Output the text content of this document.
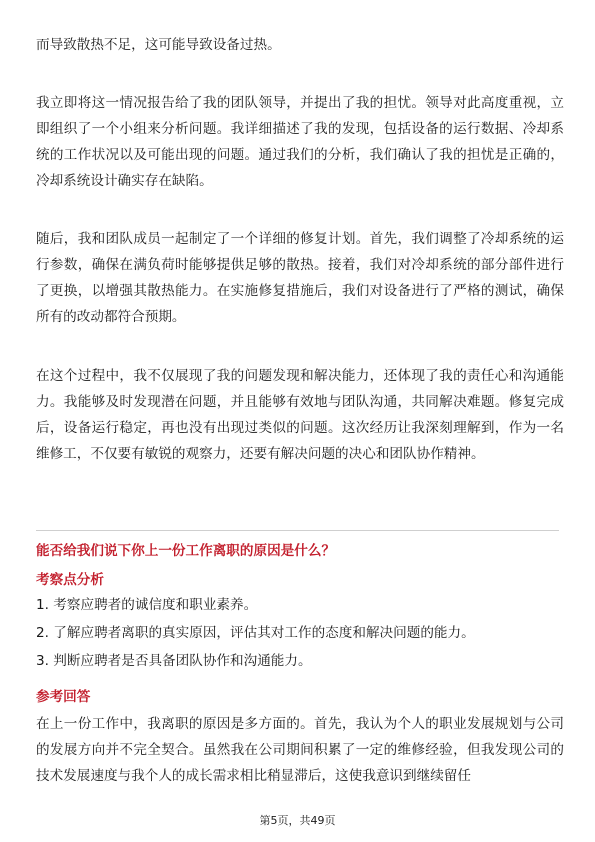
而导致散热不足，这可能导致设备过热。

我立即将这一情况报告给了我的团队领导，并提出了我的担忧。领导对此高度重视，立即组织了一个小组来分析问题。我详细描述了我的发现，包括设备的运行数据、冷却系统的工作状况以及可能出现的问题。通过我们的分析，我们确认了我的担忧是正确的，冷却系统设计确实存在缺陷。

随后，我和团队成员一起制定了一个详细的修复计划。首先，我们调整了冷却系统的运行参数，确保在满负荷时能够提供足够的散热。接着，我们对冷却系统的部分部件进行了更换，以增强其散热能力。在实施修复措施后，我们对设备进行了严格的测试，确保所有的改动都符合预期。

在这个过程中，我不仅展现了我的问题发现和解决能力，还体现了我的责任心和沟通能力。我能够及时发现潜在问题，并且能够有效地与团队沟通，共同解决难题。修复完成后，设备运行稳定，再也没有出现过类似的问题。这次经历让我深刻理解到，作为一名维修工，不仅要有敏锐的观察力，还要有解决问题的决心和团队协作精神。

能否给我们说下你上一份工作离职的原因是什么？

考察点分析

1. 考察应聘者的诚信度和职业素养。

2. 了解应聘者离职的真实原因，评估其对工作的态度和解决问题的能力。

3. 判断应聘者是否具备团队协作和沟通能力。

参考回答

在上一份工作中，我离职的原因是多方面的。首先，我认为个人的职业发展规划与公司的发展方向并不完全契合。虽然我在公司期间积累了一定的维修经验，但我发现公司的技术发展速度与我个人的成长需求相比稍显滞后，这使我意识到继续留任

第5页，共49页
